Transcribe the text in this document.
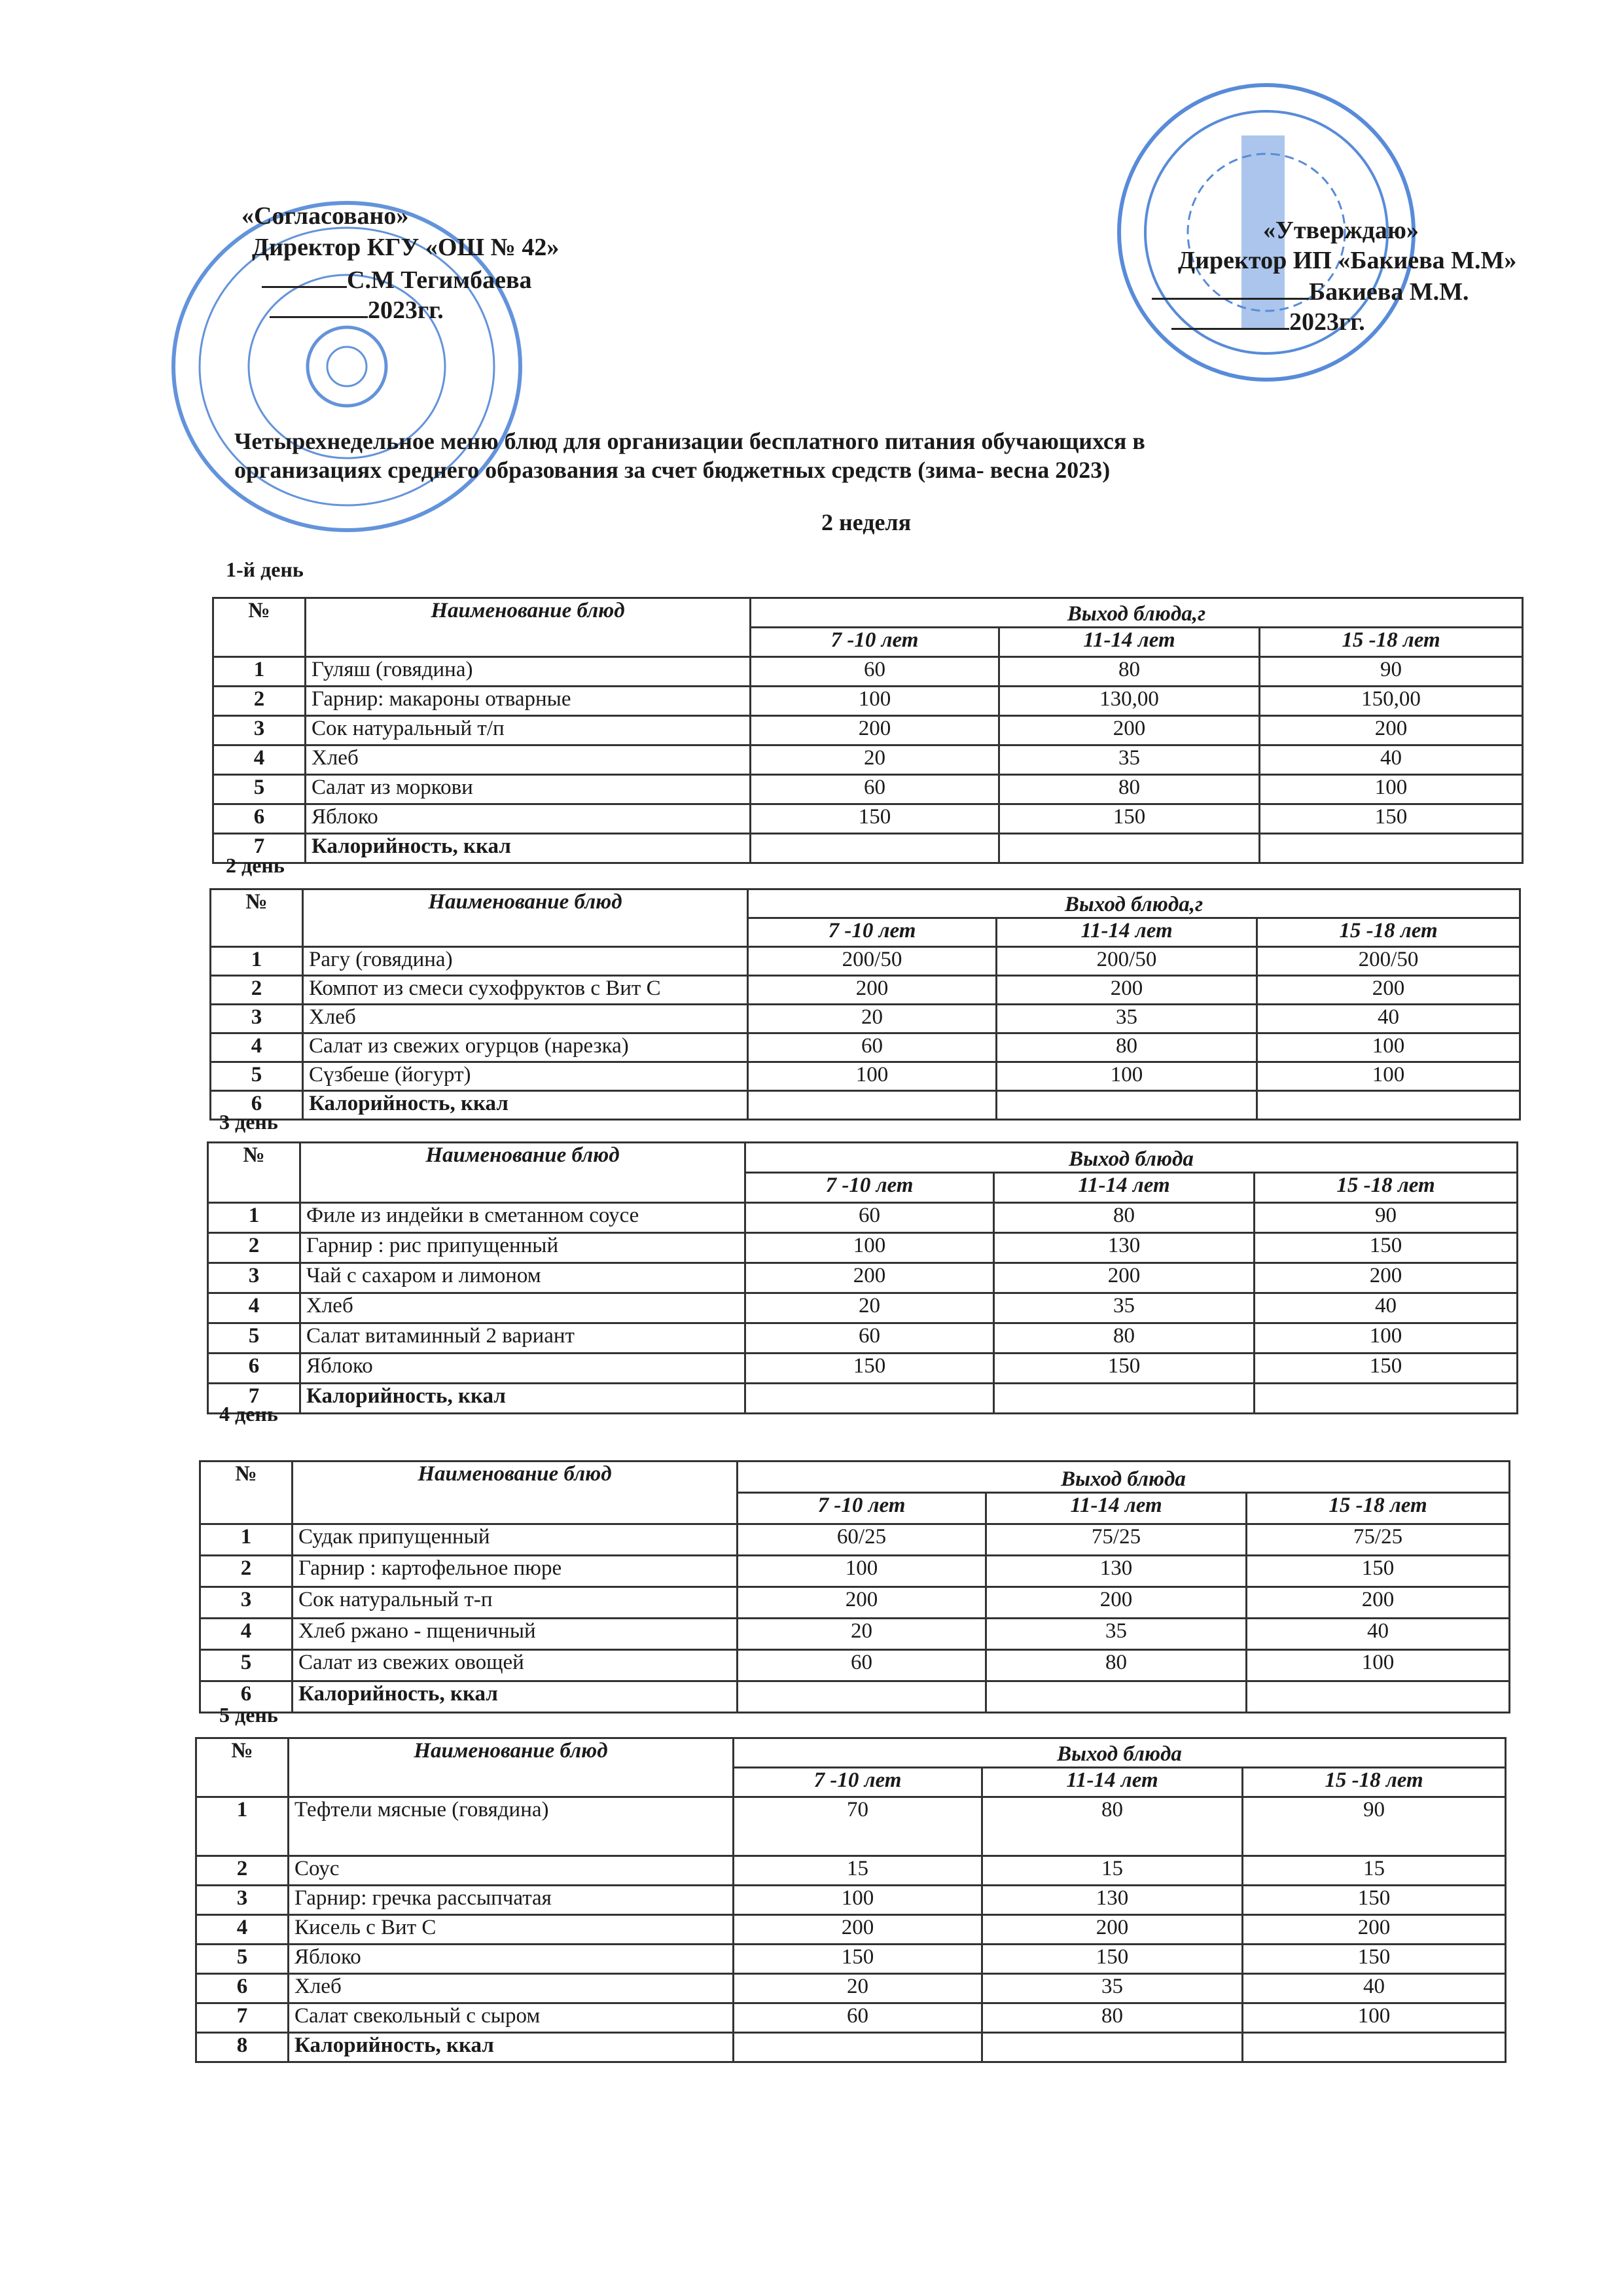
«Согласовано»
Директор КГУ «ОШ № 42»
С.М Тегимбаева
2023гг.
«Утверждаю»
Директор ИП «Бакиева М.М»
Бакиева М.М.
2023гг.
Четырехнедельное меню блюд для организации бесплатного питания обучающихся в
организациях среднего образования за счет бюджетных средств (зима- весна 2023)
2 неделя
1-й день
№	Наименование блюд	Выход блюда,г		
		7 -10 лет	11-14 лет	15 -18 лет
1	Гуляш (говядина)	60	80	90
2	Гарнир: макароны отварные	100	130,00	150,00
3	Сок натуральный т/п	200	200	200
4	Хлеб	20	35	40
5	Салат из моркови	60	80	100
6	Яблоко	150	150	150
7	Калорийность, ккал			
2 день
№	Наименование блюд	Выход блюда,г		
		7 -10 лет	11-14 лет	15 -18 лет
1	Рагу (говядина)	200/50	200/50	200/50
2	Компот из смеси сухофруктов с Вит С	200	200	200
3	Хлеб	20	35	40
4	Салат из свежих огурцов (нарезка)	60	80	100
5	Сүзбеше (йогурт)	100	100	100
6	Калорийность, ккал			
3 день
№	Наименование блюд	Выход блюда		
		7 -10 лет	11-14 лет	15 -18 лет
1	Филе из индейки в сметанном соусе	60	80	90
2	Гарнир : рис припущенный	100	130	150
3	Чай с сахаром и лимоном	200	200	200
4	Хлеб	20	35	40
5	Салат витаминный 2 вариант	60	80	100
6	Яблоко	150	150	150
7	Калорийность, ккал			
4 день
№	Наименование блюд	Выход блюда		
		7 -10 лет	11-14 лет	15 -18 лет
1	Судак припущенный	60/25	75/25	75/25
2	Гарнир : картофельное пюре	100	130	150
3	Сок натуральный т-п	200	200	200
4	Хлеб ржано - пщеничный	20	35	40
5	Салат из свежих овощей	60	80	100
6	Калорийность, ккал			
5 день
№	Наименование блюд	Выход блюда		
		7 -10 лет	11-14 лет	15 -18 лет
1	Тефтели мясные (говядина)	70	80	90
2	Соус	15	15	15
3	Гарнир: гречка рассыпчатая	100	130	150
4	Кисель с Вит С	200	200	200
5	Яблоко	150	150	150
6	Хлеб	20	35	40
7	Салат свекольный с сыром	60	80	100
8	Калорийность, ккал			
